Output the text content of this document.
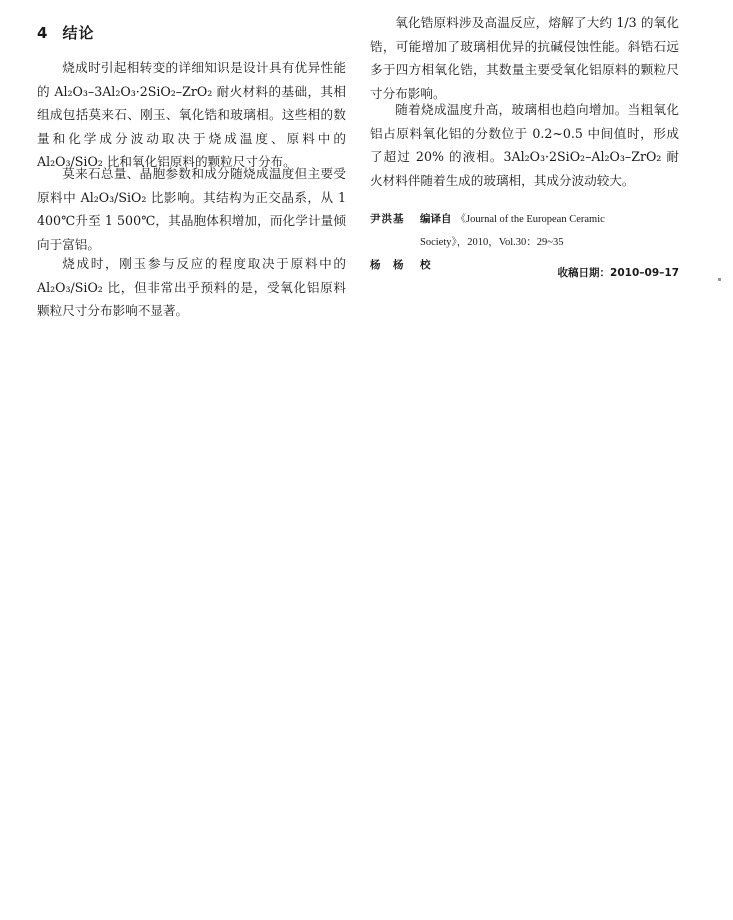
4 结论

烧成时引起相转变的详细知识是设计具有优异性能的 Al₂O₃–3Al₂O₃·2SiO₂–ZrO₂ 耐火材料的基础，其相组成包括莫来石、刚玉、氧化锆和玻璃相。这些相的数量和化学成分波动取决于烧成温度、原料中的 Al₂O₃/SiO₂ 比和氧化铝原料的颗粒尺寸分布。

莫来石总量、晶胞参数和成分随烧成温度但主要受原料中 Al₂O₃/SiO₂ 比影响。其结构为正交晶系，从 1 400℃升至 1 500℃，其晶胞体积增加，而化学计量倾向于富铝。

烧成时，刚玉参与反应的程度取决于原料中的 Al₂O₃/SiO₂ 比，但非常出乎预料的是，受氧化铝原料颗粒尺寸分布影响不显著。

氧化锆原料涉及高温反应，熔解了大约 1/3 的氧化锆，可能增加了玻璃相优异的抗碱侵蚀性能。斜锆石远多于四方相氧化锆，其数量主要受氧化铝原料的颗粒尺寸分布影响。

随着烧成温度升高，玻璃相也趋向增加。当粗氧化铝占原料氧化铝的分数位于 0.2~0.5 中间值时，形成了超过 20% 的液相。3Al₂O₃·2SiO₂–Al₂O₃–ZrO₂ 耐火材料伴随着生成的玻璃相，其成分波动较大。

尹洪基	编译自 《Journal of the European Ceramic
Society》，2010，Vol.30：29~35
杨　杨	校
收稿日期：2010–09–17
